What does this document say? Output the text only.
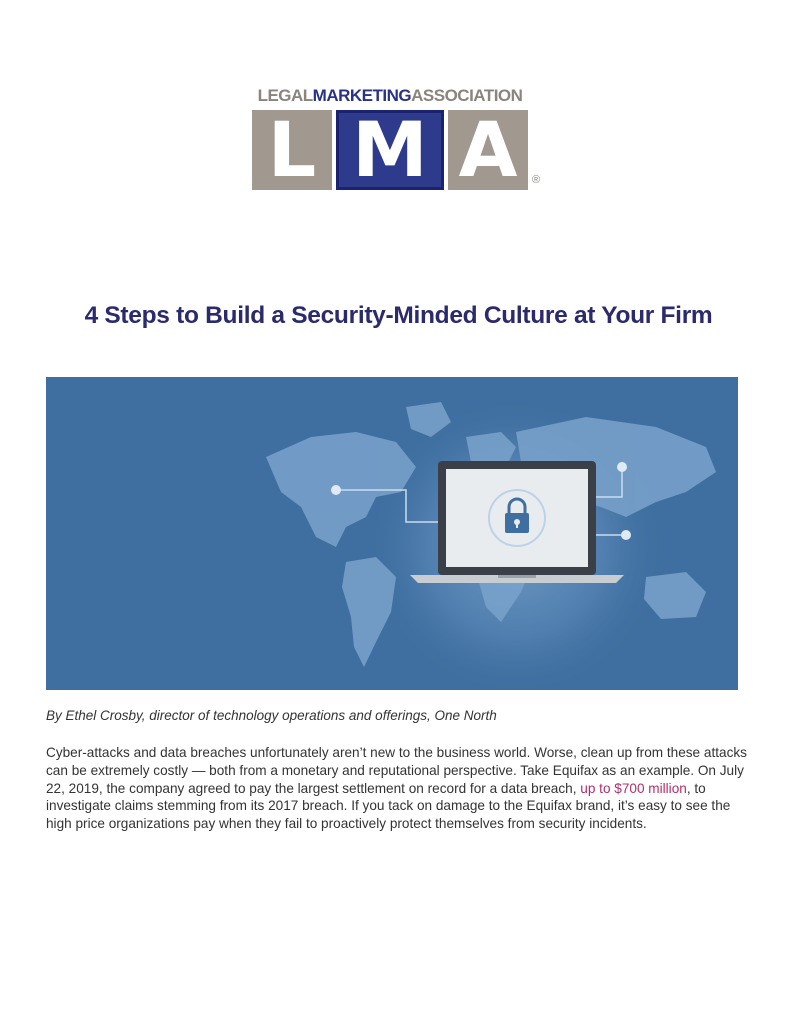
LEGAL MARKETING ASSOCIATION
L M A	®
4 Steps to Build a Security-Minded Culture at Your Firm

By Ethel Crosby, director of technology operations and offerings, One North

Cyber-attacks and data breaches unfortunately aren’t new to the business world. Worse, clean up from these attacks can be extremely costly — both from a monetary and reputational perspective. Take Equifax as an example. On July 22, 2019, the company agreed to pay the largest settlement on record for a data breach, up to $700 million, to investigate claims stemming from its 2017 breach. If you tack on damage to the Equifax brand, it’s easy to see the high price organizations pay when they fail to proactively protect themselves from security incidents.
